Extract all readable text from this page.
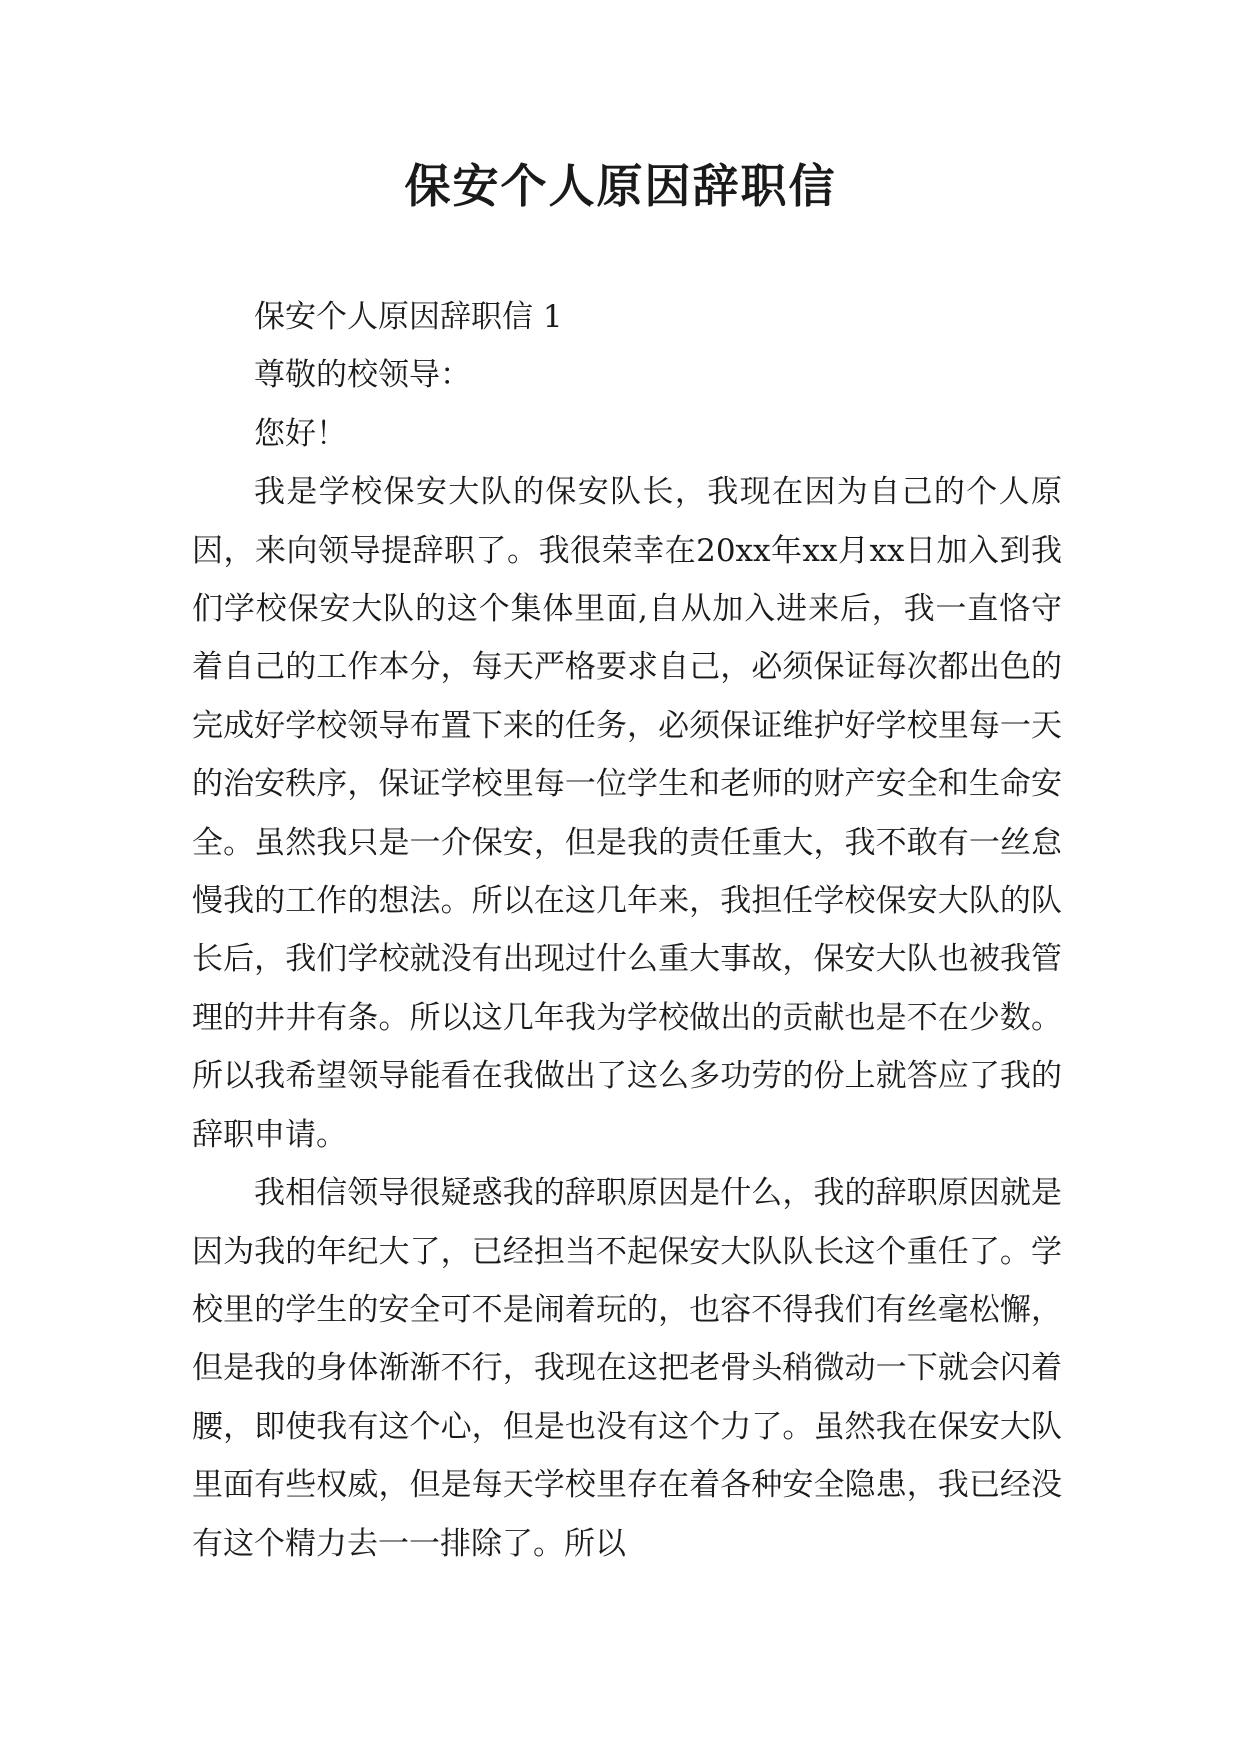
保安个人原因辞职信

保安个人原因辞职信 1

尊敬的校领导：

您好！

我是学校保安大队的保安队长，我现在因为自己的个人原因，来向领导提辞职了。我很荣幸在20xx年xx月xx日加入到我们学校保安大队的这个集体里面,自从加入进来后，我一直恪守着自己的工作本分，每天严格要求自己，必须保证每次都出色的完成好学校领导布置下来的任务，必须保证维护好学校里每一天的治安秩序，保证学校里每一位学生和老师的财产安全和生命安全。虽然我只是一介保安，但是我的责任重大，我不敢有一丝怠慢我的工作的想法。所以在这几年来，我担任学校保安大队的队长后，我们学校就没有出现过什么重大事故，保安大队也被我管理的井井有条。所以这几年我为学校做出的贡献也是不在少数。所以我希望领导能看在我做出了这么多功劳的份上就答应了我的辞职申请。

我相信领导很疑惑我的辞职原因是什么，我的辞职原因就是因为我的年纪大了，已经担当不起保安大队队长这个重任了。学校里的学生的安全可不是闹着玩的，也容不得我们有丝毫松懈，但是我的身体渐渐不行，我现在这把老骨头稍微动一下就会闪着腰，即使我有这个心，但是也没有这个力了。虽然我在保安大队里面有些权威，但是每天学校里存在着各种安全隐患，我已经没有这个精力去一一排除了。所以
